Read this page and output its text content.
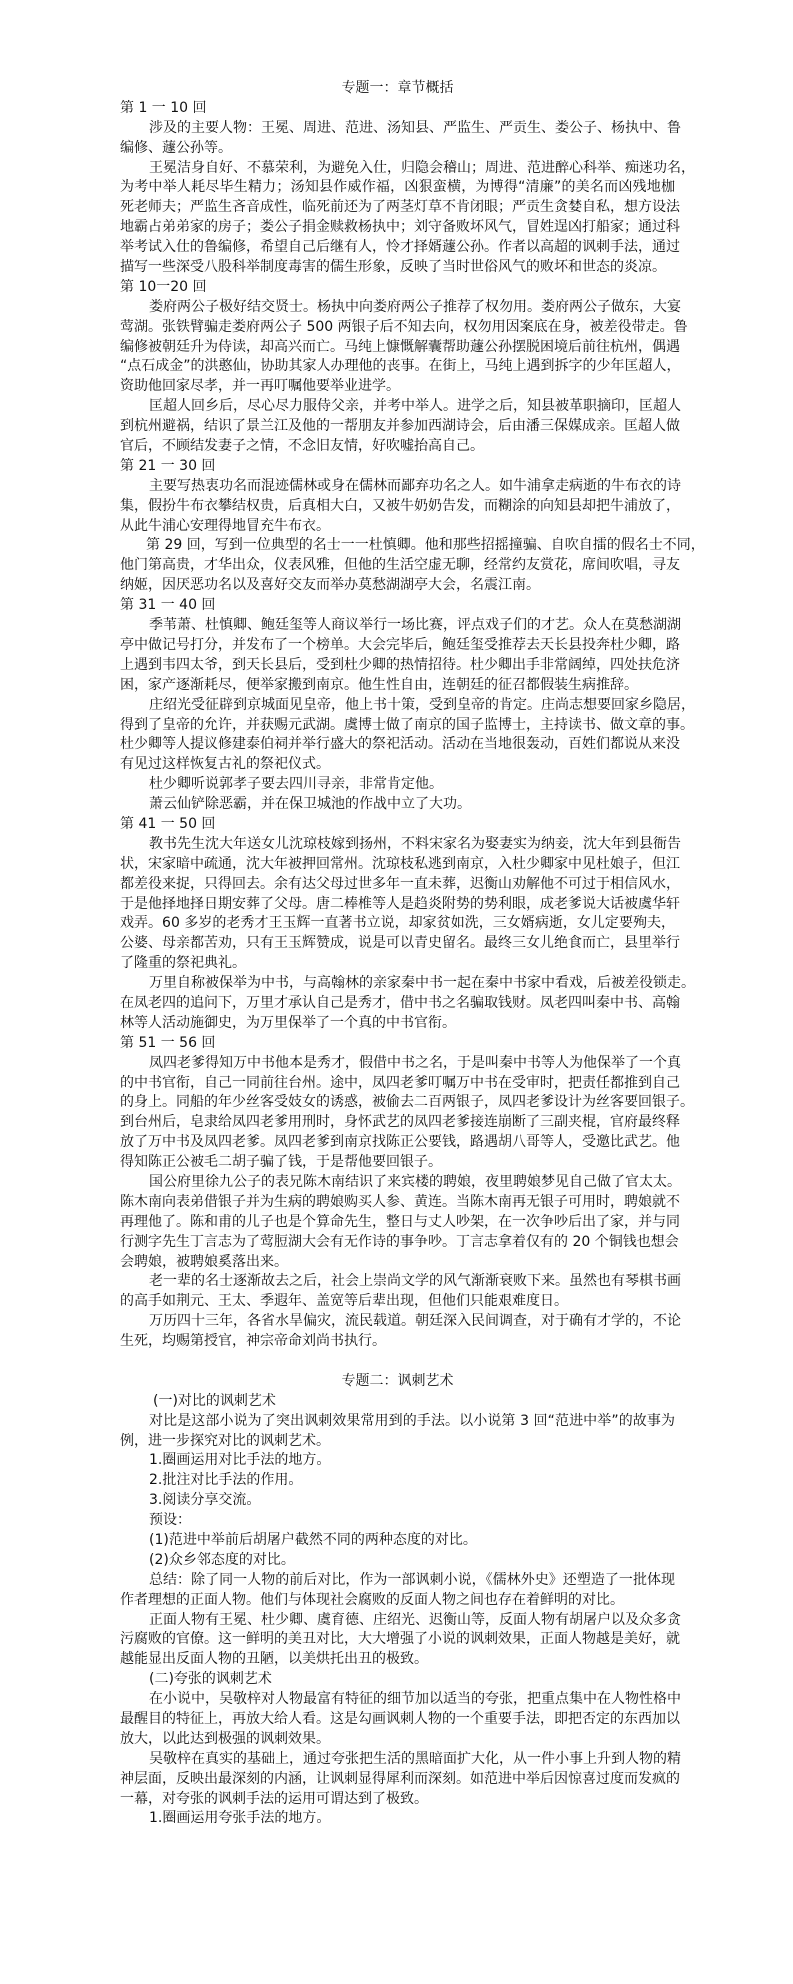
专题一：章节概括
第 1 一 10 回
涉及的主要人物：王冕、周进、范进、汤知县、严监生、严贡生、娄公子、杨执中、鲁
编修、蘧公孙等。
王冕洁身自好、不慕荣利，为避免入仕，归隐会稽山；周进、范进醉心科举、痴迷功名，
为考中举人耗尽毕生精力；汤知县作威作福，凶狠蛮横，为博得“清廉”的美名而凶残地枷
死老师夫；严监生吝音成性，临死前还为了两茎灯草不肯闭眼；严贡生贪婪自私，想方设法
地霸占弟弟家的房子；娄公子捐金赎救杨执中；刘守备败坏风气，冒姓逞凶打船家；通过科
举考试入仕的鲁编修，希望自己后继有人，怜才择婿蘧公孙。作者以高超的讽刺手法，通过
描写一些深受八股科举制度毒害的儒生形象，反映了当时世俗风气的败坏和世态的炎凉。
第 10一20 回
娄府两公子极好结交贤士。杨执中向娄府两公子推荐了权勿用。娄府两公子做东，大宴
莺湖。张铁臂骗走娄府两公子 500 两银子后不知去向，权勿用因案底在身，被差役带走。鲁
编修被朝廷升为侍读，却高兴而亡。马纯上慷慨解囊帮助蘧公孙摆脱困境后前往杭州，偶遇
“点石成金”的洪憨仙，协助其家人办理他的丧事。在街上，马纯上遇到拆字的少年匡超人，
资助他回家尽孝，并一再叮嘱他要举业进学。
匡超人回乡后，尽心尽力服侍父亲，并考中举人。进学之后，知县被革职摘印，匡超人
到杭州避祸，结识了景兰江及他的一帮朋友并参加西湖诗会，后由潘三保媒成亲。匡超人做
官后，不顾结发妻子之情，不念旧友情，好吹嘘抬高自己。
第 21 一 30 回
主要写热衷功名而混迹儒林或身在儒林而鄙弃功名之人。如牛浦拿走病逝的牛布衣的诗
集，假扮牛布衣攀结权贵，后真相大白，又被牛奶奶告发，而糊涂的向知县却把牛浦放了，
从此牛浦心安理得地冒充牛布衣。
第 29 回，写到一位典型的名士一一杜慎卿。他和那些招摇撞骗、自吹自擂的假名士不同，
他门第高贵，才华出众，仪表风雅，但他的生活空虚无聊，经常约友赏花，席间吹唱，寻友
纳姬，因厌恶功名以及喜好交友而举办莫愁湖湖亭大会，名震江南。
第 31 一 40 回
季苇萧、杜慎卿、鲍廷玺等人商议举行一场比赛，评点戏子们的才艺。众人在莫愁湖湖
亭中做记号打分，并发布了一个榜单。大会完毕后，鲍廷玺受推荐去天长县投奔杜少卿，路
上遇到韦四太爷，到天长县后，受到杜少卿的热情招待。杜少卿出手非常阔绰，四处扶危济
困，家产逐渐耗尽，便举家搬到南京。他生性自由，连朝廷的征召都假装生病推辞。
庄绍光受征辟到京城面见皇帝，他上书十策，受到皇帝的肯定。庄尚志想要回家乡隐居，
得到了皇帝的允许，并获赐元武湖。虞博士做了南京的国子监博士，主持读书、做文章的事。
杜少卿等人提议修建泰伯祠并举行盛大的祭祀活动。活动在当地很轰动，百姓们都说从来没
有见过这样恢复古礼的祭祀仪式。
杜少卿听说郭孝子要去四川寻亲，非常肯定他。
萧云仙铲除恶霸，并在保卫城池的作战中立了大功。
第 41 一 50 回
教书先生沈大年送女儿沈琼枝嫁到扬州，不料宋家名为娶妻实为纳妾，沈大年到县衙告
状，宋家暗中疏通，沈大年被押回常州。沈琼枝私逃到南京，入杜少卿家中见杜娘子，但江
都差役来捉，只得回去。余有达父母过世多年一直未葬，迟衡山劝解他不可过于相信风水，
于是他择地择日期安葬了父母。唐二棒椎等人是趋炎附势的势利眼，成老爹说大话被虞华轩
戏弄。60 多岁的老秀才王玉辉一直著书立说，却家贫如洗，三女婿病逝，女儿定要殉夫，
公婆、母亲都苦劝，只有王玉辉赞成，说是可以青史留名。最终三女儿绝食而亡，县里举行
了隆重的祭祀典礼。
万里自称被保举为中书，与高翰林的亲家秦中书一起在秦中书家中看戏，后被差役锁走。
在凤老四的追问下，万里才承认自己是秀才，借中书之名骗取钱财。凤老四叫秦中书、高翰
林等人活动施御史，为万里保举了一个真的中书官衔。
第 51 一 56 回
凤四老爹得知万中书他本是秀才，假借中书之名，于是叫秦中书等人为他保举了一个真
的中书官衔，自己一同前往台州。途中，凤四老爹叮嘱万中书在受审时，把责任都推到自己
的身上。同船的年少丝客受妓女的诱惑，被偷去二百两银子，凤四老爹设计为丝客要回银子。
到台州后，皂隶给凤四老爹用刑时，身怀武艺的凤四老爹接连崩断了三副夹棍，官府最终释
放了万中书及凤四老爹。凤四老爹到南京找陈正公要钱，路遇胡八哥等人，受邀比武艺。他
得知陈正公被毛二胡子骗了钱，于是帮他要回银子。
国公府里徐九公子的表兄陈木南结识了来宾楼的聘娘，夜里聘娘梦见自己做了官太太。
陈木南向表弟借银子并为生病的聘娘购买人参、黄连。当陈木南再无银子可用时，聘娘就不
再理他了。陈和甫的儿子也是个算命先生，整日与丈人吵架，在一次争吵后出了家，并与同
行测字先生丁言志为了莺脰湖大会有无作诗的事争吵。丁言志拿着仅有的 20 个铜钱也想会
会聘娘，被聘娘奚落出来。
老一辈的名士逐渐故去之后，社会上崇尚文学的风气渐渐衰败下来。虽然也有琴棋书画
的高手如荆元、王太、季遐年、盖宽等后辈出现，但他们只能艰难度日。
万历四十三年，各省水旱偏灾，流民载道。朝廷深入民间调查，对于确有才学的，不论
生死，均赐第授官，神宗帝命刘尚书执行。
专题二：讽刺艺术
(一)对比的讽刺艺术
对比是这部小说为了突出讽刺效果常用到的手法。以小说第 3 回“范进中举”的故事为
例，进一步探究对比的讽刺艺术。
1.圈画运用对比手法的地方。
2.批注对比手法的作用。
3.阅读分享交流。
预设：
(1)范进中举前后胡屠户截然不同的两种态度的对比。
(2)众乡邻态度的对比。
总结：除了同一人物的前后对比，作为一部讽刺小说，《儒林外史》还塑造了一批体现
作者理想的正面人物。他们与体现社会腐败的反面人物之间也存在着鲜明的对比。
正面人物有王冕、杜少卿、虞育德、庄绍光、迟衡山等，反面人物有胡屠户以及众多贪
污腐败的官僚。这一鲜明的美丑对比，大大增强了小说的讽刺效果，正面人物越是美好，就
越能显出反面人物的丑陋，以美烘托出丑的极致。
(二)夸张的讽刺艺术
在小说中，吴敬梓对人物最富有特征的细节加以适当的夸张，把重点集中在人物性格中
最醒目的特征上，再放大给人看。这是勾画讽刺人物的一个重要手法，即把否定的东西加以
放大，以此达到极强的讽刺效果。
吴敬梓在真实的基础上，通过夸张把生活的黑暗面扩大化，从一件小事上升到人物的精
神层面，反映出最深刻的内涵，让讽刺显得犀利而深刻。如范进中举后因惊喜过度而发疯的
一幕，对夸张的讽刺手法的运用可谓达到了极致。
1.圈画运用夸张手法的地方。
